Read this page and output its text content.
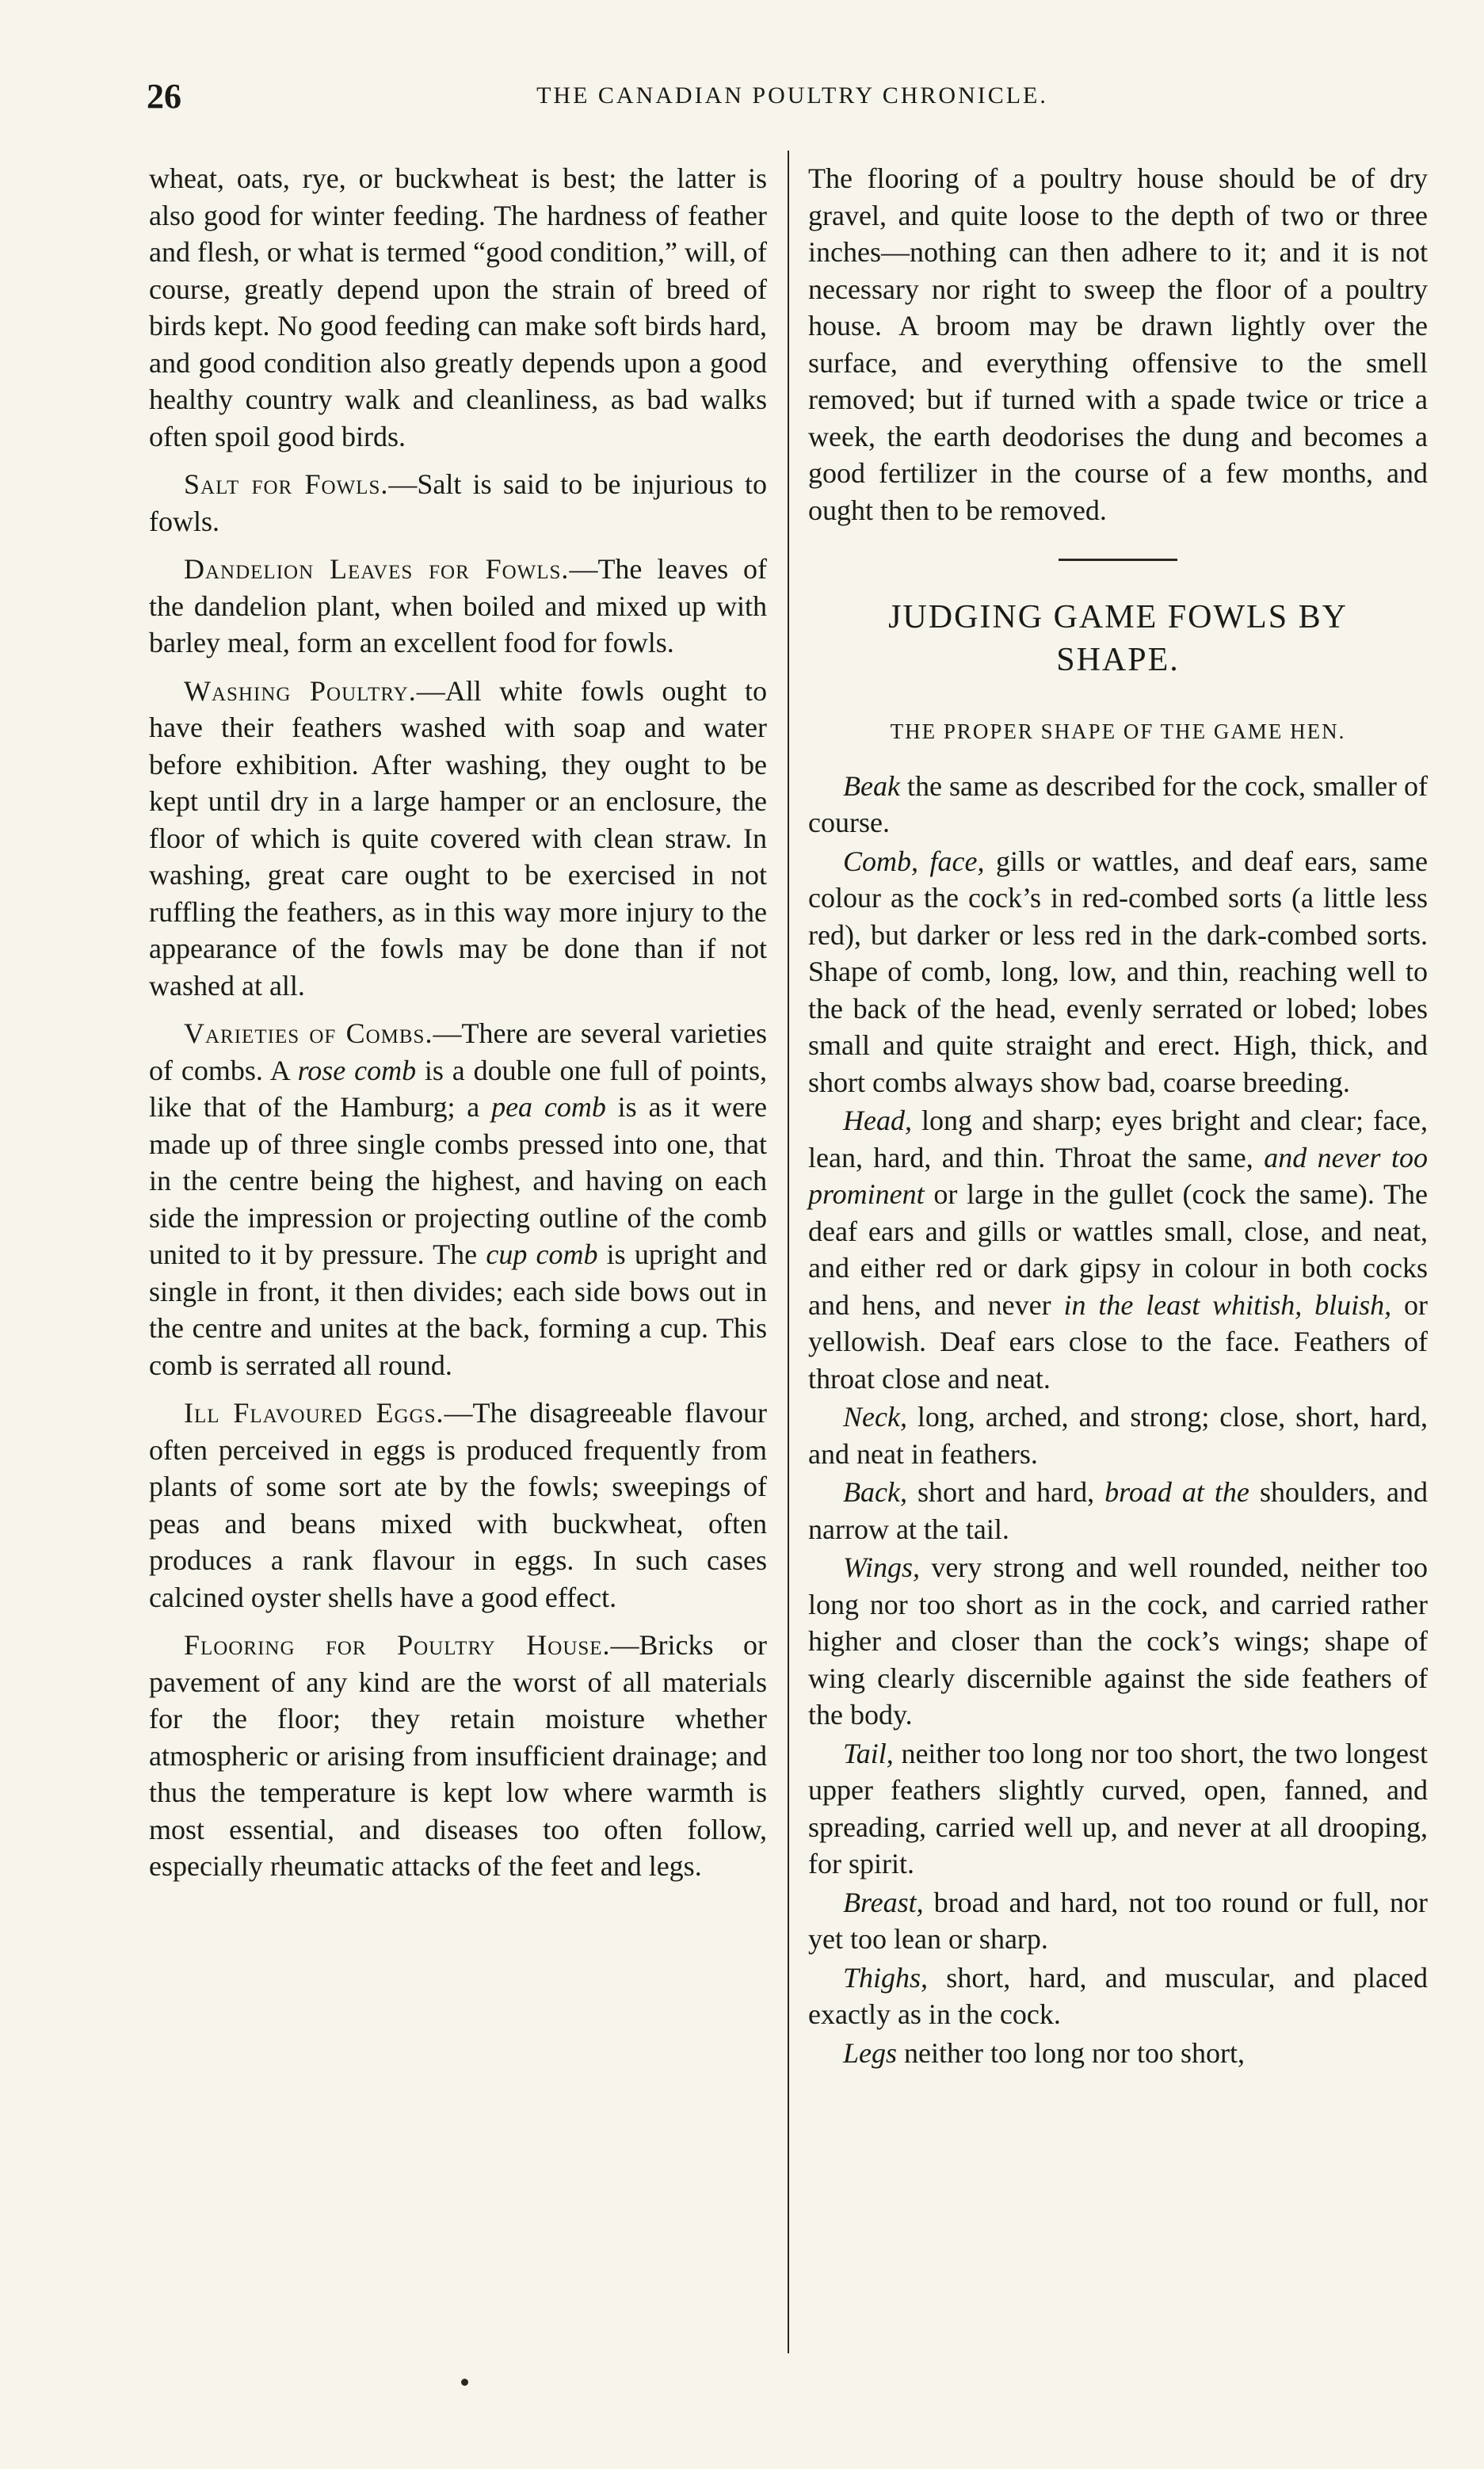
26	THE CANADIAN POULTRY CHRONICLE.

wheat, oats, rye, or buckwheat is best; the latter is also good for winter feeding. The hardness of feather and flesh, or what is termed “good condition,” will, of course, greatly depend upon the strain of breed of birds kept. No good feeding can make soft birds hard, and good condition also greatly depends upon a good healthy country walk and cleanliness, as bad walks often spoil good birds.

Salt for Fowls.—Salt is said to be injurious to fowls.

Dandelion Leaves for Fowls.—The leaves of the dandelion plant, when boiled and mixed up with barley meal, form an excellent food for fowls.

Washing Poultry.—All white fowls ought to have their feathers washed with soap and water before exhibition. After washing, they ought to be kept until dry in a large hamper or an enclosure, the floor of which is quite covered with clean straw. In washing, great care ought to be exercised in not ruffling the feathers, as in this way more injury to the appearance of the fowls may be done than if not washed at all.

Varieties of Combs.—There are several varieties of combs. A rose comb is a double one full of points, like that of the Hamburg; a pea comb is as it were made up of three single combs pressed into one, that in the centre being the highest, and having on each side the impression or projecting outline of the comb united to it by pressure. The cup comb is upright and single in front, it then divides; each side bows out in the centre and unites at the back, forming a cup. This comb is serrated all round.

Ill Flavoured Eggs.—The disagreeable flavour often perceived in eggs is produced frequently from plants of some sort ate by the fowls; sweepings of peas and beans mixed with buckwheat, often produces a rank flavour in eggs. In such cases calcined oyster shells have a good effect.

Flooring for Poultry House.—Bricks or pavement of any kind are the worst of all materials for the floor; they retain moisture whether atmospheric or arising from insufficient drainage; and thus the temperature is kept low where warmth is most essential, and diseases too often follow, especially rheumatic attacks of the feet and legs.

The flooring of a poultry house should be of dry gravel, and quite loose to the depth of two or three inches—nothing can then adhere to it; and it is not necessary nor right to sweep the floor of a poultry house. A broom may be drawn lightly over the surface, and everything offensive to the smell removed; but if turned with a spade twice or trice a week, the earth deodorises the dung and becomes a good fertilizer in the course of a few months, and ought then to be removed.

JUDGING GAME FOWLS BY SHAPE.
THE PROPER SHAPE OF THE GAME HEN.

Beak the same as described for the cock, smaller of course.

Comb, face, gills or wattles, and deaf ears, same colour as the cock’s in red-combed sorts (a little less red), but darker or less red in the dark-combed sorts. Shape of comb, long, low, and thin, reaching well to the back of the head, evenly serrated or lobed; lobes small and quite straight and erect. High, thick, and short combs always show bad, coarse breeding.

Head, long and sharp; eyes bright and clear; face, lean, hard, and thin. Throat the same, and never too prominent or large in the gullet (cock the same). The deaf ears and gills or wattles small, close, and neat, and either red or dark gipsy in colour in both cocks and hens, and never in the least whitish, bluish, or yellowish. Deaf ears close to the face. Feathers of throat close and neat.

Neck, long, arched, and strong; close, short, hard, and neat in feathers.

Back, short and hard, broad at the shoulders, and narrow at the tail.

Wings, very strong and well rounded, neither too long nor too short as in the cock, and carried rather higher and closer than the cock’s wings; shape of wing clearly discernible against the side feathers of the body.

Tail, neither too long nor too short, the two longest upper feathers slightly curved, open, fanned, and spreading, carried well up, and never at all drooping, for spirit.

Breast, broad and hard, not too round or full, nor yet too lean or sharp.

Thighs, short, hard, and muscular, and placed exactly as in the cock.

Legs neither too long nor too short,
